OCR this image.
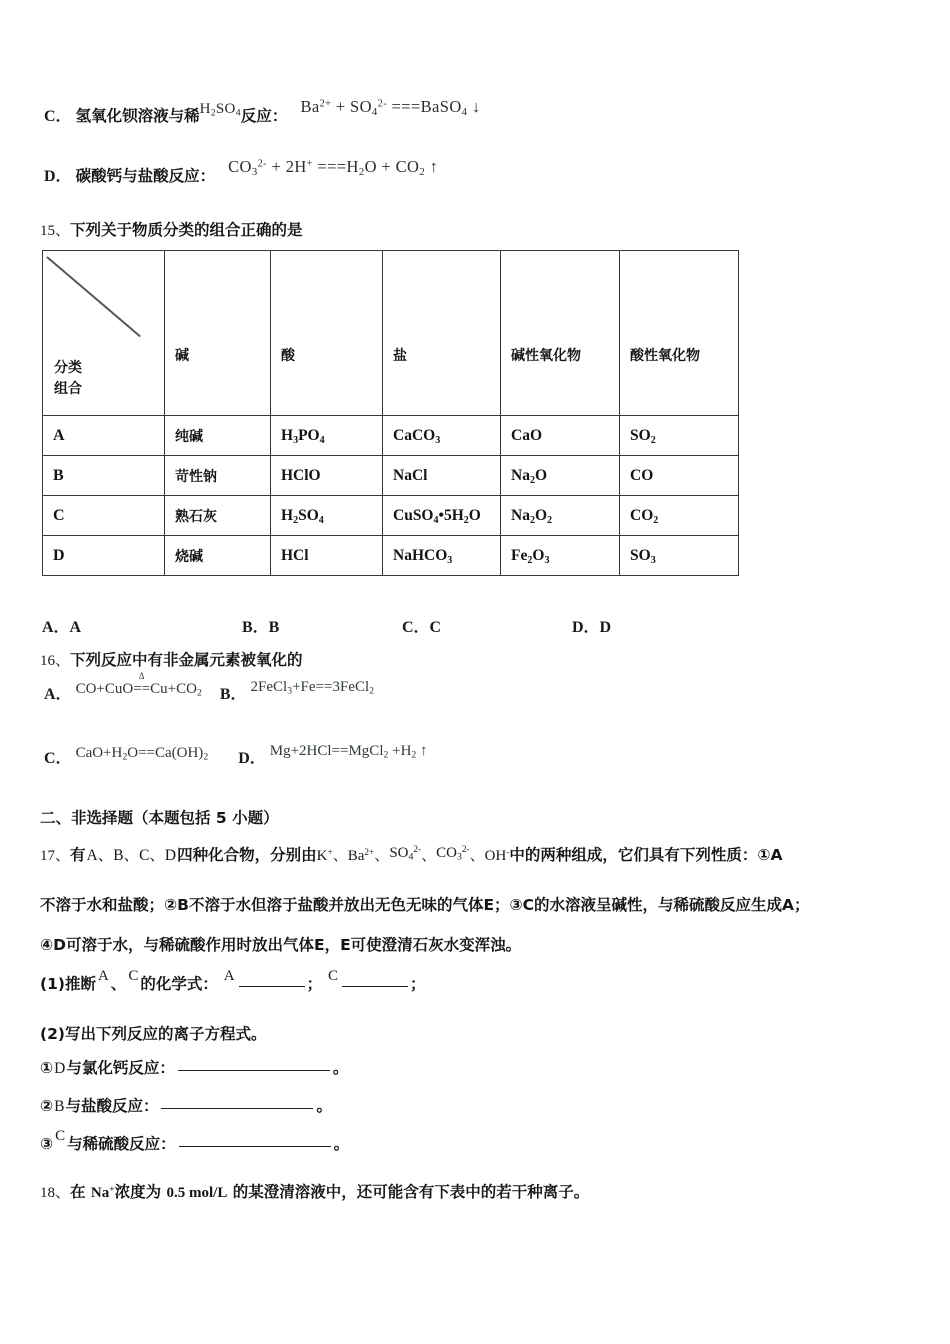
C． 氢氧化钡溶液与稀$H_2SO_4$反应：   $Ba^{2+} + SO_4^{2-}$ ===BaSO$_4$ ↓
D． 碳酸钙与盐酸反应：   $CO_3^{2-} + 2H^+ ===H_2O + CO_2$ ↑
15、下列关于物质分类的组合正确的是
分类
组合	碱	酸	盐	碱性氧化物	酸性氧化物
A	纯碱	$H_3PO_4$	CaCO$_3$	CaO	$SO_2$
B	苛性钠	HClO	NaCl	$Na_2O$	CO
C	熟石灰	$H_2SO_4$	$CuSO_4•5H_2O$	$Na_2O_2$	$CO_2$
D	烧碱	HCl	NaHCO$_3$	$Fe_2O_3$	$SO_3$
A．A	B．B	C．C	D．D
16、下列反应中有非金属元素被氧化的
A． CO+CuO
Δ
$==Cu+CO_2$ B． 2FeCl$_3$+Fe==3FeCl$_2$
C． $CaO+H_2O==Ca(OH)_2$ D． Mg+2HCl==MgCl$_2$ $+H_2$ ↑
二、非选择题（本题包括 5 小题）
17、有A、B、C、D四种化合物，分别由K+、$Ba^{2+}$、$SO_4^{2-}$、$CO_3^{2-}$、OH-中的两种组成，它们具有下列性质：①A
不溶于水和盐酸；②B不溶于水但溶于盐酸并放出无色无味的气体E；③C的水溶液呈碱性，与稀硫酸反应生成A；
④D可溶于水，与稀硫酸作用时放出气体E，E可使澄清石灰水变浑浊。
(1)推断 A 、 C 的化学式： A	； C	；
(2)写出下列反应的离子方程式。
①D与氯化钙反应：	。
②B与盐酸反应：	。
③ C 与稀硫酸反应：	。
18、在 Na+浓度为 0.5 mol/L 的某澄清溶液中，还可能含有下表中的若干种离子。
